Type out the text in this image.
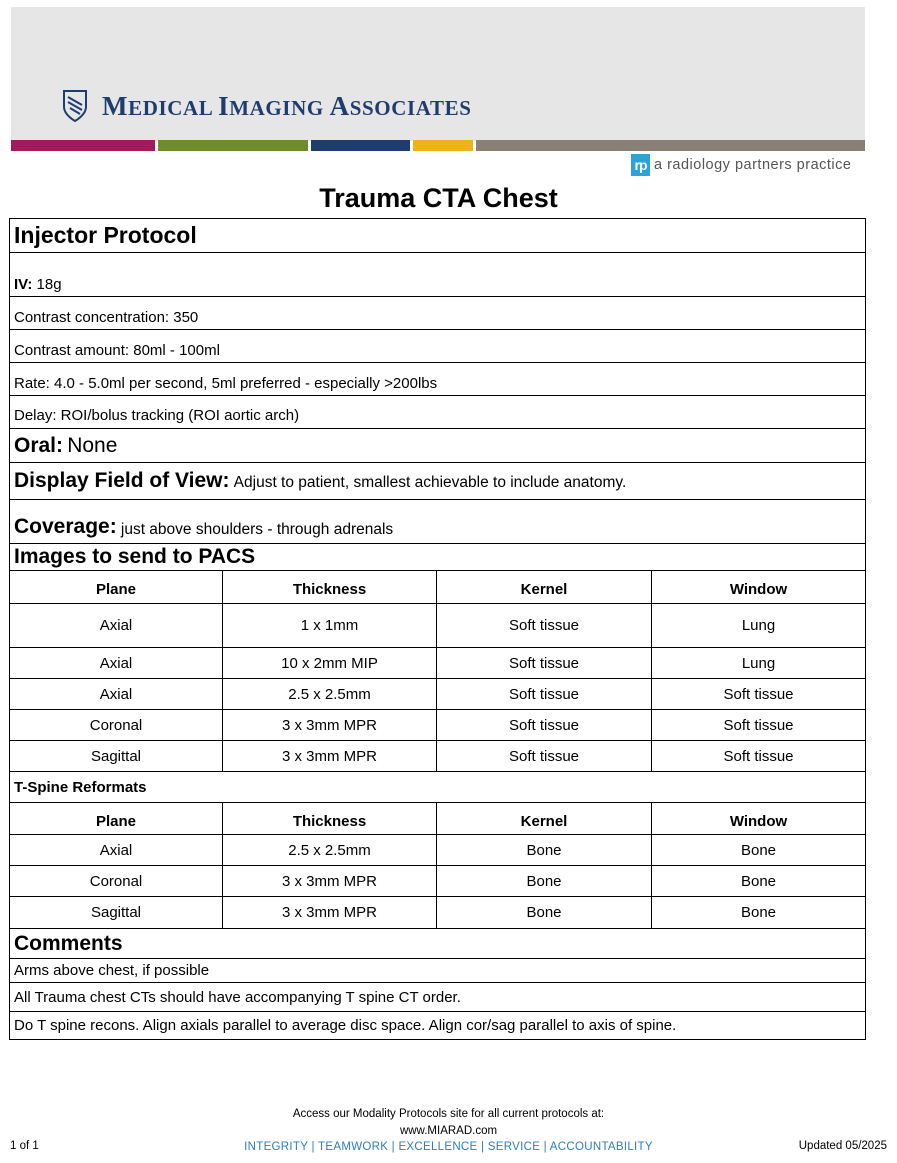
MEDICAL IMAGING ASSOCIATES
rp a radiology partners practice
Trauma CTA Chest
Injector Protocol
IV:
18g
Contrast concentration: 350
Contrast amount: 80ml - 100ml
Rate: 4.0 - 5.0ml per second, 5ml preferred - especially >200lbs
Delay: ROI/bolus tracking (ROI aortic arch)
Oral:
None
Display Field of View:
Adjust to patient, smallest achievable to include anatomy.
Coverage:
just above shoulders - through adrenals
Images to send to PACS
Plane	Thickness	Kernel	Window
Axial	1 x 1mm	Soft tissue	Lung
Axial	10 x 2mm MIP	Soft tissue	Lung
Axial	2.5 x 2.5mm	Soft tissue	Soft tissue
Coronal	3 x 3mm MPR	Soft tissue	Soft tissue
Sagittal	3 x 3mm MPR	Soft tissue	Soft tissue
T-Spine Reformats
Plane	Thickness	Kernel	Window
Axial	2.5 x 2.5mm	Bone	Bone
Coronal	3 x 3mm MPR	Bone	Bone
Sagittal	3 x 3mm MPR	Bone	Bone
Comments
Arms above chest, if possible
All Trauma chest CTs should have accompanying T spine CT order.
Do T spine recons. Align axials parallel to average disc space. Align cor/sag parallel to axis of spine.
Access our Modality Protocols site for all current protocols at:
www.MIARAD.com
INTEGRITY | TEAMWORK | EXCELLENCE | SERVICE | ACCOUNTABILITY
1 of 1	Updated 05/2025
